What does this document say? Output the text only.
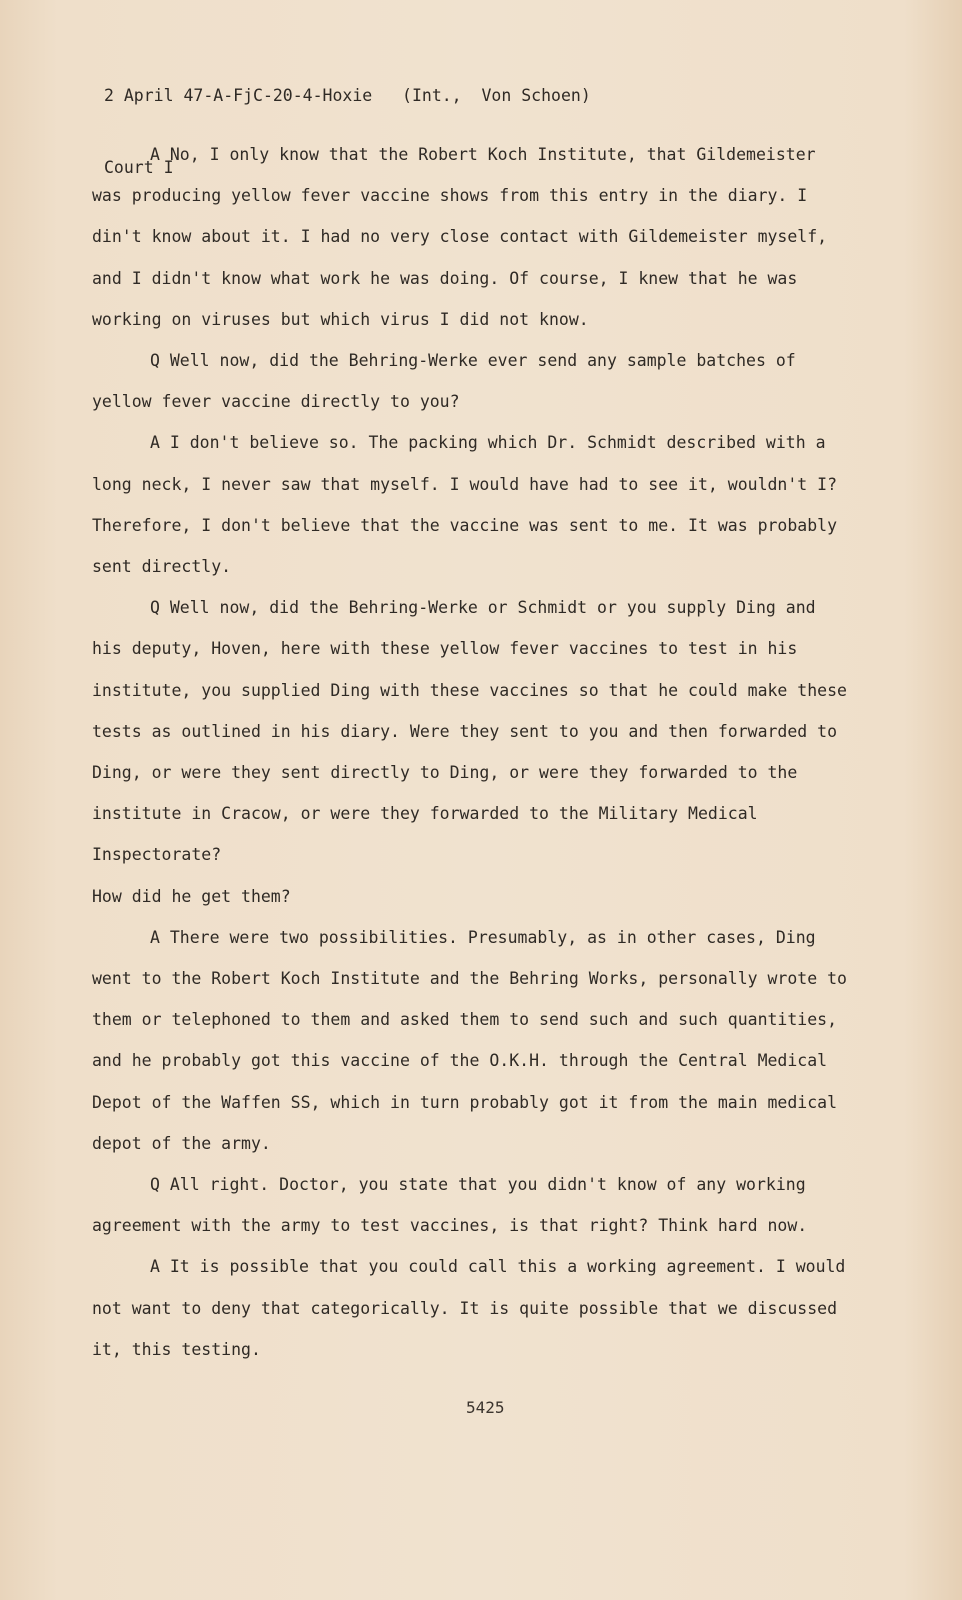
2 April 47-A-FjC-20-4-Hoxie   (Int.,  Von Schoen)

Court I

A No, I only know that the Robert Koch Institute, that Gildemeister was producing yellow fever vaccine shows from this entry in the diary. I din't know about it. I had no very close contact with Gildemeister myself, and I didn't know what work he was doing. Of course, I knew that he was working on viruses but which virus I did not know.

Q Well now, did the Behring-Werke ever send any sample batches of yellow fever vaccine directly to you?

A I don't believe so. The packing which Dr. Schmidt described with a long neck, I never saw that myself. I would have had to see it, wouldn't I? Therefore, I don't believe that the vaccine was sent to me. It was probably sent directly.

Q Well now, did the Behring-Werke or Schmidt or you supply Ding and his deputy, Hoven, here with these yellow fever vaccines to test in his institute, you supplied Ding with these vaccines so that he could make these tests as outlined in his diary. Were they sent to you and then forwarded to Ding, or were they sent directly to Ding, or were they forwarded to the institute in Cracow, or were they forwarded to the Military Medical Inspectorate?

How did he get them?

A There were two possibilities. Presumably, as in other cases, Ding went to the Robert Koch Institute and the Behring Works, personally wrote to them or telephoned to them and asked them to send such and such quantities, and he probably got this vaccine of the O.K.H. through the Central Medical Depot of the Waffen SS, which in turn probably got it from the main medical depot of the army.

Q All right. Doctor, you state that you didn't know of any working agreement with the army to test vaccines, is that right? Think hard now.

A It is possible that you could call this a working agreement. I would not want to deny that categorically. It is quite possible that we discussed it, this testing.

5425
